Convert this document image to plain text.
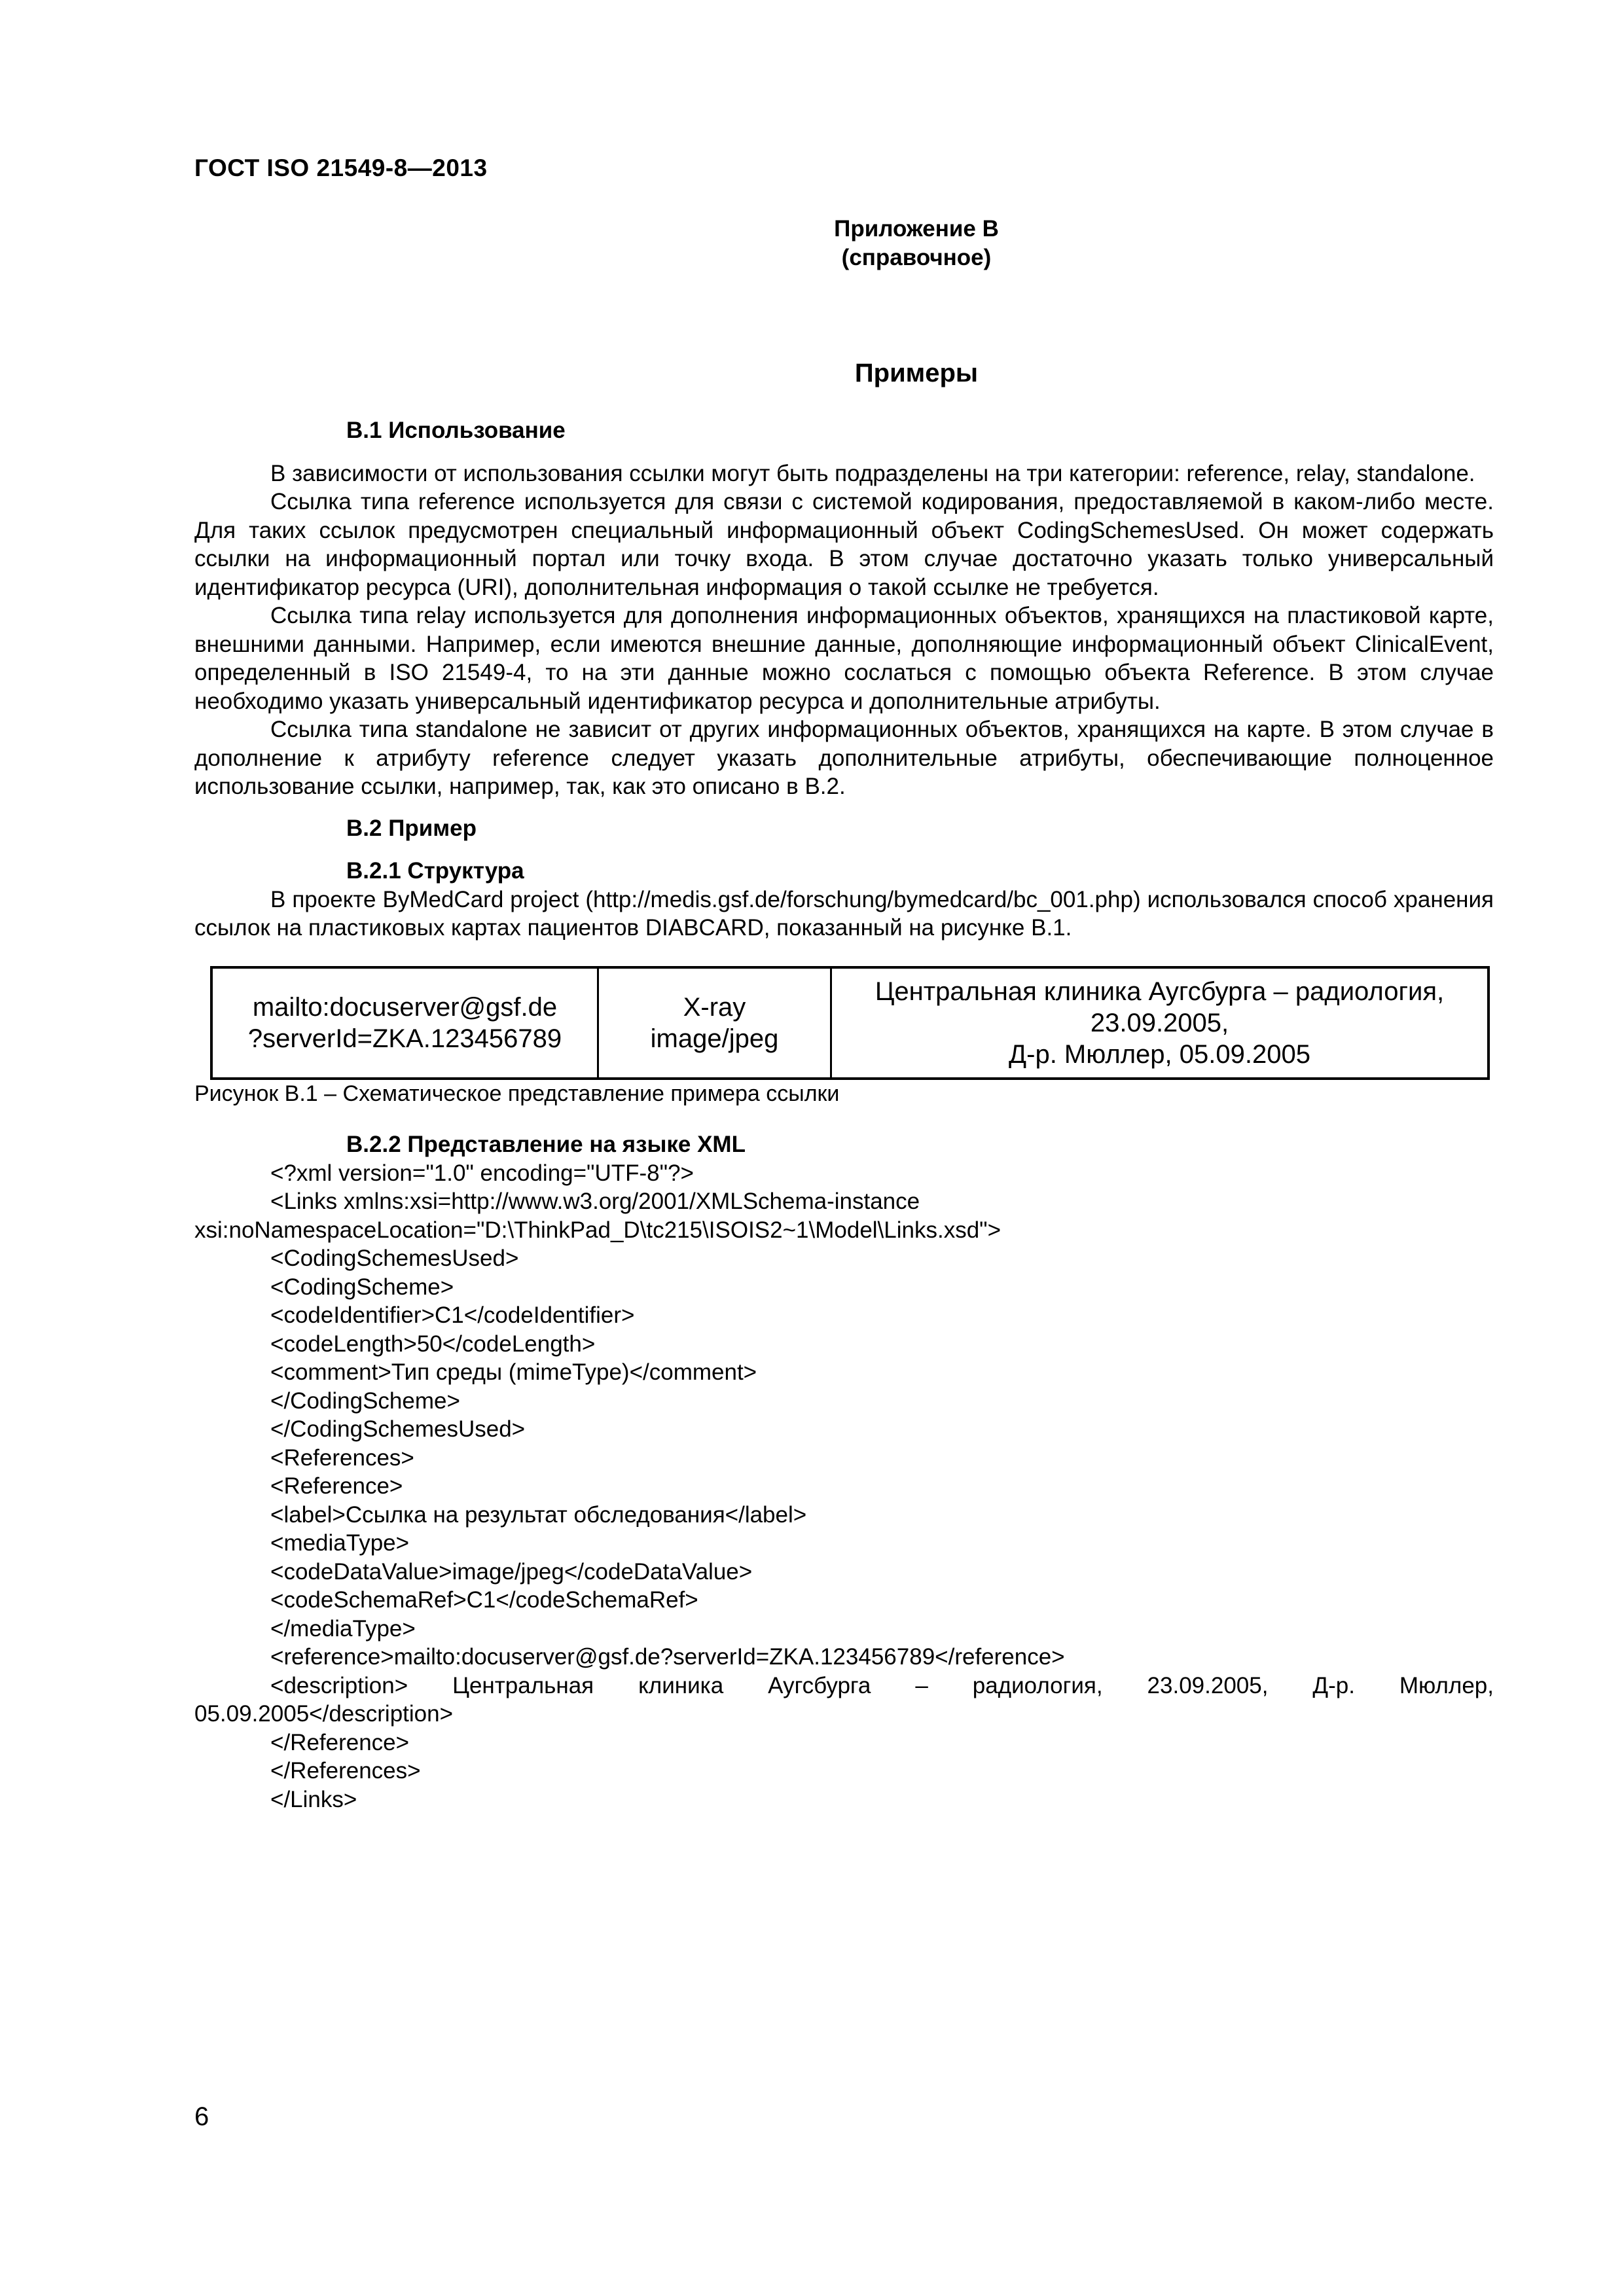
ГОСТ ISO 21549-8—2013
Приложение В
(справочное)
Примеры

В.1 Использование

В зависимости от использования ссылки могут быть подразделены на три категории: reference, relay, standalone.

Ссылка типа reference используется для связи с системой кодирования, предоставляемой в каком-либо месте. Для таких ссылок предусмотрен специальный информационный объект CodingSchemesUsed. Он может содержать ссылки на информационный портал или точку входа. В этом случае достаточно указать только универсальный идентификатор ресурса (URI), дополнительная информация о такой ссылке не требуется.

Ссылка типа relay используется для дополнения информационных объектов, хранящихся на пластиковой карте, внешними данными. Например, если имеются внешние данные, дополняющие информационный объект ClinicalEvent, определенный в ISO 21549-4, то на эти данные можно сослаться с помощью объекта Reference. В этом случае необходимо указать универсальный идентификатор ресурса и дополнительные атрибуты.

Ссылка типа standalone не зависит от других информационных объектов, хранящихся на карте. В этом случае в дополнение к атрибуту reference следует указать дополнительные атрибуты, обеспечивающие полноценное использование ссылки, например, так, как это описано в В.2.

В.2 Пример

В.2.1 Структура

В проекте ByMedCard project (http://medis.gsf.de/forschung/bymedcard/bc_001.php) использовался способ хранения ссылок на пластиковых картах пациентов DIABCARD, показанный на рисунке В.1.

mailto:docuserver@gsf.de
?serverId=ZKA.123456789
X-ray
image/jpeg
Центральная клиника Аугсбурга – радиология,
23.09.2005,
Д-р. Мюллер, 05.09.2005

Рисунок В.1 – Схематическое представление примера ссылки

В.2.2 Представление на языке XML

<?xml version="1.0" encoding="UTF-8"?>
<Links xmlns:xsi=http://www.w3.org/2001/XMLSchema-instance
xsi:noNamespaceLocation="D:\ThinkPad_D\tc215\ISOIS2~1\Model\Links.xsd">
<CodingSchemesUsed>
<CodingScheme>
<codeIdentifier>C1</codeIdentifier>
<codeLength>50</codeLength>
<comment>Тип среды (mimeType)</comment>
</CodingScheme>
</CodingSchemesUsed>
<References>
<Reference>
<label>Ссылка на результат обследования</label>
<mediaType>
<codeDataValue>image/jpeg</codeDataValue>
<codeSchemaRef>C1</codeSchemaRef>
</mediaType>
<reference>mailto:docuserver@gsf.de?serverId=ZKA.123456789</reference>

<description> Центральная клиника Аугсбурга – радиология, 23.09.2005, Д-р. Мюллер,

05.09.2005</description>
</Reference>
</References>
</Links>
6
